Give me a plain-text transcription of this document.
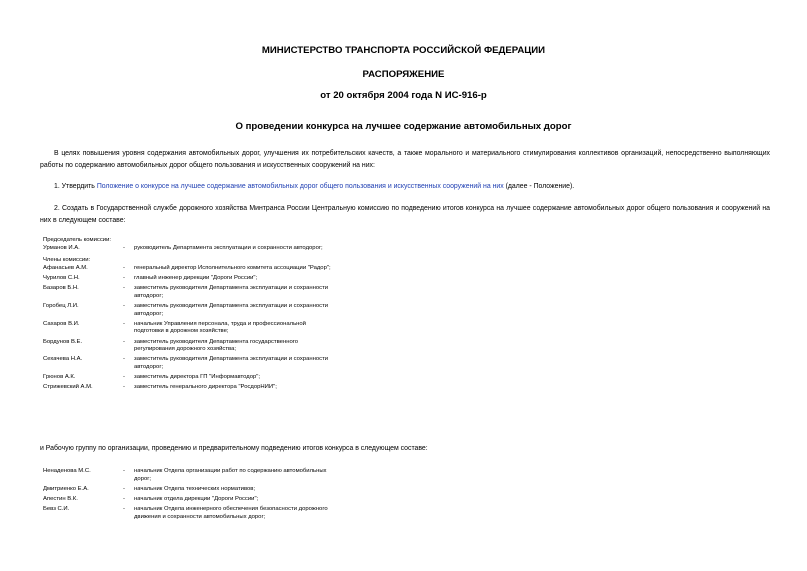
МИНИСТЕРСТВО ТРАНСПОРТА РОССИЙСКОЙ ФЕДЕРАЦИИ
РАСПОРЯЖЕНИЕ
от 20 октября 2004 года N ИС-916-р
О проведении конкурса на лучшее содержание автомобильных дорог
В целях повышения уровня содержания автомобильных дорог, улучшения их потребительских качеств, а также морального и материального стимулирования коллективов организаций, непосредственно выполняющих работы по содержанию автомобильных дорог общего пользования и искусственных сооружений на них:
1. Утвердить Положение о конкурсе на лучшее содержание автомобильных дорог общего пользования и искусственных сооружений на них (далее - Положение).
2. Создать в Государственной службе дорожного хозяйства Минтранса России Центральную комиссию по подведению итогов конкурса на лучшее содержание автомобильных дорог общего пользования и сооружений на них в следующем составе:
Председатель комиссии:
Урманов И.А.	- руководитель Департамента эксплуатации и сохранности автодорог;
Члены комиссии:
Афанасьев А.М.	- генеральный директор Исполнительного комитета ассоциации "Радор";
Чурилов С.Н.	- главный инженер дирекции "Дороги России";
Базаров Б.Н.	- заместитель руководителя Департамента эксплуатации и сохранности автодорог;
Горобец Л.И.	- заместитель руководителя Департамента эксплуатации и сохранности автодорог;
Сахаров В.И.	- начальник Управления персонала, труда и профессиональной подготовки в дорожном хозяйстве;
Бордунов В.Е.	- заместитель руководителя Департамента государственного регулирования дорожного хозяйства;
Сехачева Н.А.	- заместитель руководителя Департамента эксплуатации и сохранности автодорог;
Грюнов А.К.	- заместитель директора ГП "Информавтодор";
Стрижевский А.М.	- заместитель генерального директора "РосдорНИИ";
и Рабочую группу по организации, проведению и предварительному подведению итогов конкурса в следующем составе:
Ненаденова М.С.	- начальник Отдела организации работ по содержанию автомобильных дорог;
Дмитриенко Е.А.	- начальник Отдела технических нормативов;
Апестин В.К.	- начальник отдела дирекции "Дороги России";
Бевз С.И.	- начальник Отдела инженерного обеспечения безопасности дорожного движения и сохранности автомобильных дорог;
